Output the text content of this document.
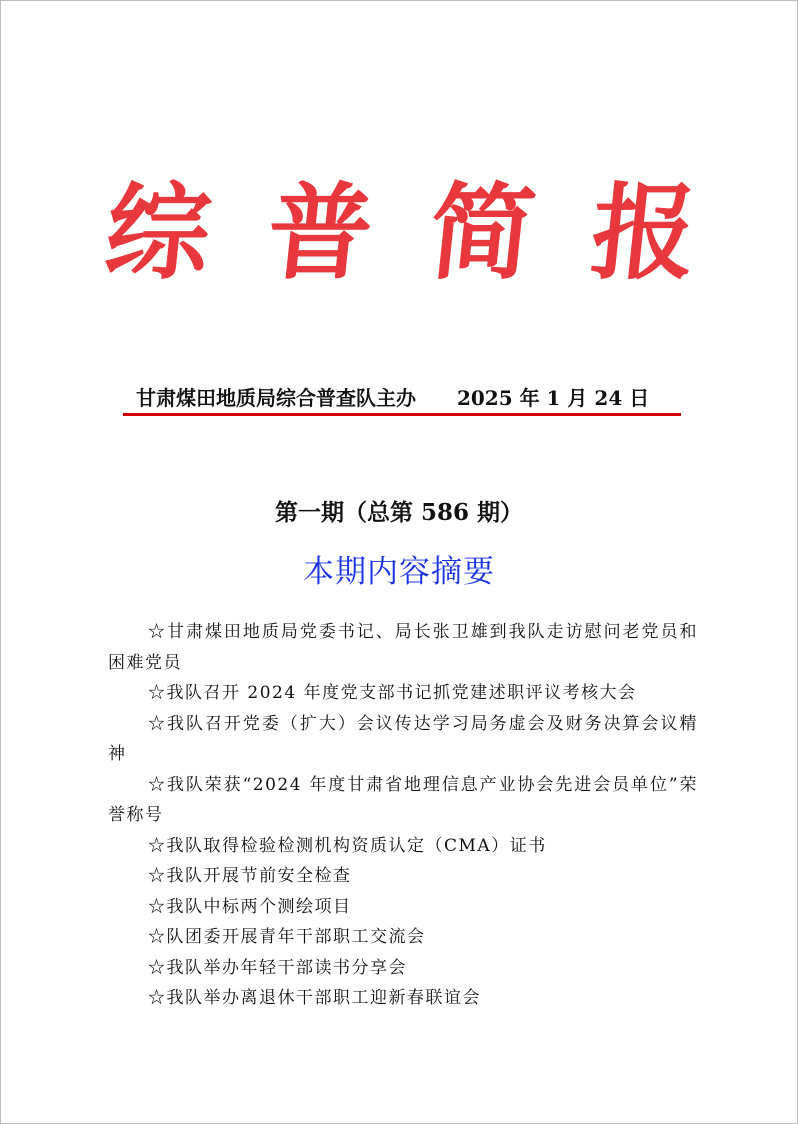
综 普 简 报
甘肃煤田地质局综合普查队主办 2025 年 1 月 24 日
第一期（总第 586 期）
本期内容摘要
☆甘肃煤田地质局党委书记、局长张卫雄到我队走访慰问老党员和困难党员
☆我队召开 2024 年度党支部书记抓党建述职评议考核大会
☆我队召开党委（扩大）会议传达学习局务虚会及财务决算会议精神
☆我队荣获“2024 年度甘肃省地理信息产业协会先进会员单位”荣誉称号
☆我队取得检验检测机构资质认定（CMA）证书
☆我队开展节前安全检查
☆我队中标两个测绘项目
☆队团委开展青年干部职工交流会
☆我队举办年轻干部读书分享会
☆我队举办离退休干部职工迎新春联谊会
